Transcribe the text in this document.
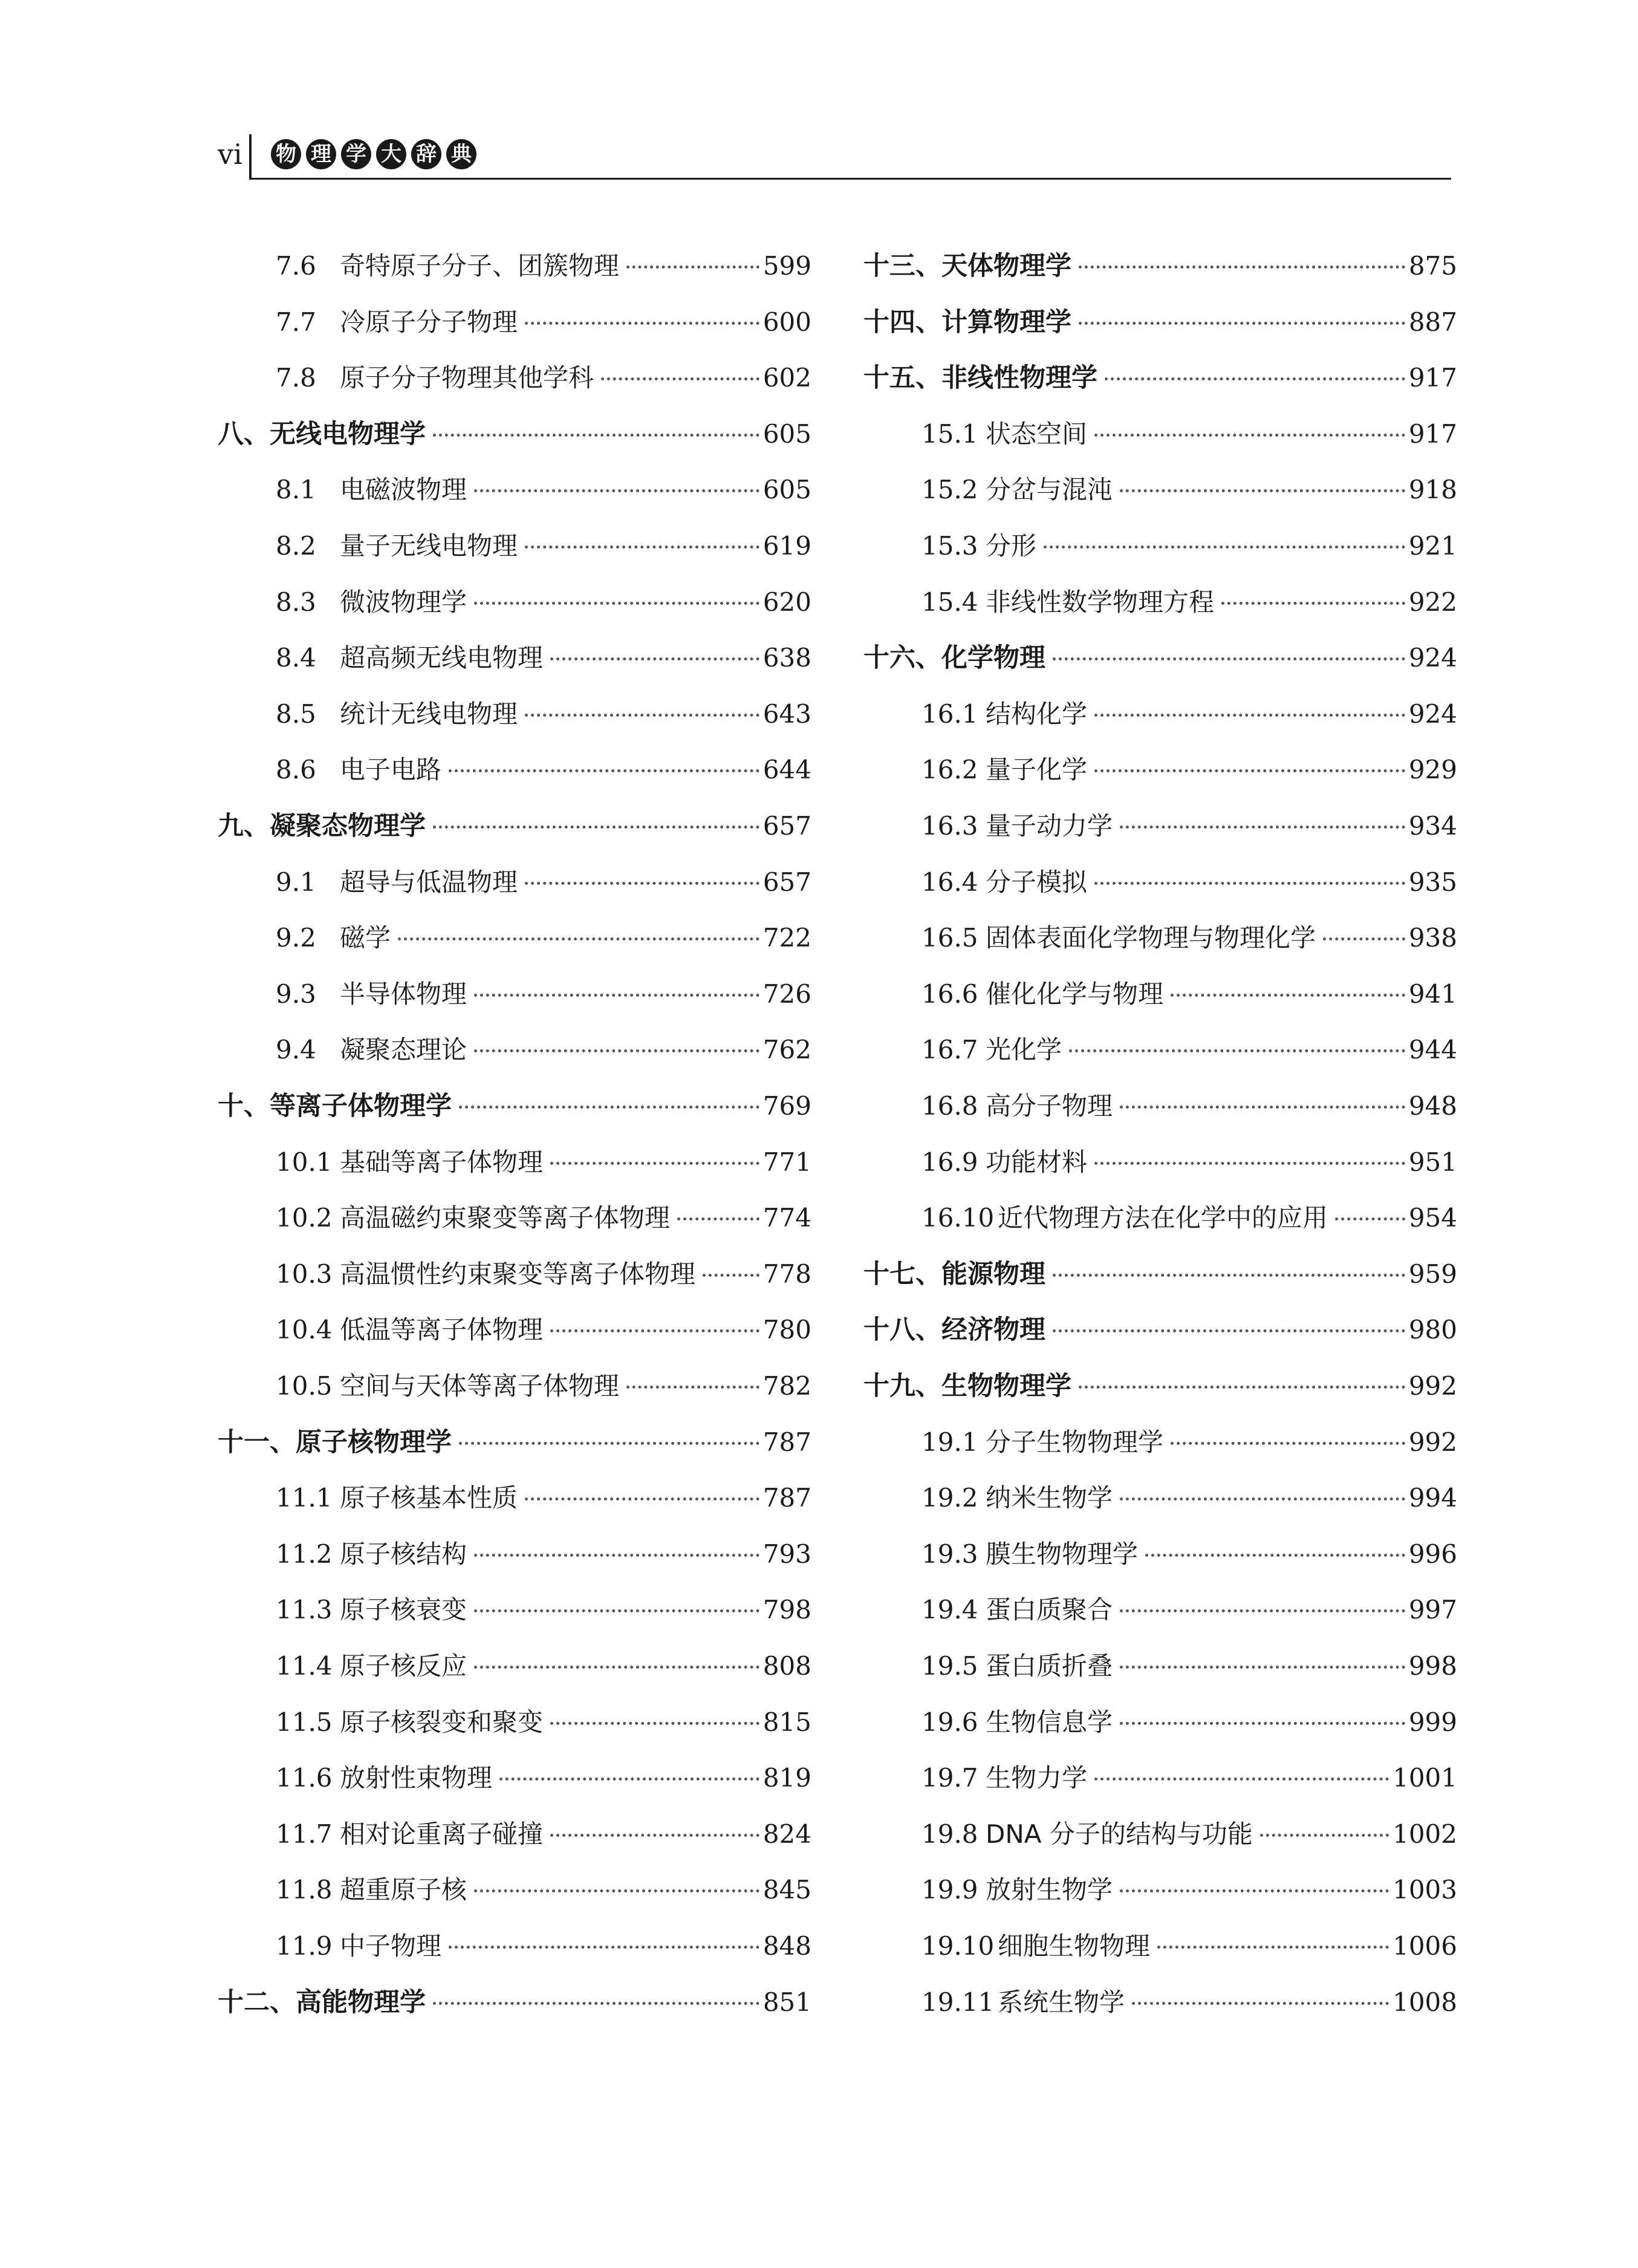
vi 物 理 学 大 辞 典
7.6 奇特原子分子、团簇物理	599
7.7 冷原子分子物理	600
7.8 原子分子物理其他学科	602
八、无线电物理学	605
8.1 电磁波物理	605
8.2 量子无线电物理	619
8.3 微波物理学	620
8.4 超高频无线电物理	638
8.5 统计无线电物理	643
8.6 电子电路	644
九、凝聚态物理学	657
9.1 超导与低温物理	657
9.2 磁学	722
9.3 半导体物理	726
9.4 凝聚态理论	762
十、等离子体物理学	769
10.1 基础等离子体物理	771
10.2 高温磁约束聚变等离子体物理	774
10.3 高温惯性约束聚变等离子体物理	778
10.4 低温等离子体物理	780
10.5 空间与天体等离子体物理	782
十一、原子核物理学	787
11.1 原子核基本性质	787
11.2 原子核结构	793
11.3 原子核衰变	798
11.4 原子核反应	808
11.5 原子核裂变和聚变	815
11.6 放射性束物理	819
11.7 相对论重离子碰撞	824
11.8 超重原子核	845
11.9 中子物理	848
十二、高能物理学	851
十三、天体物理学	875
十四、计算物理学	887
十五、非线性物理学	917
15.1 状态空间	917
15.2 分岔与混沌	918
15.3 分形	921
15.4 非线性数学物理方程	922
十六、化学物理	924
16.1 结构化学	924
16.2 量子化学	929
16.3 量子动力学	934
16.4 分子模拟	935
16.5 固体表面化学物理与物理化学	938
16.6 催化化学与物理	941
16.7 光化学	944
16.8 高分子物理	948
16.9 功能材料	951
16.10 近代物理方法在化学中的应用	954
十七、能源物理	959
十八、经济物理	980
十九、生物物理学	992
19.1 分子生物物理学	992
19.2 纳米生物学	994
19.3 膜生物物理学	996
19.4 蛋白质聚合	997
19.5 蛋白质折叠	998
19.6 生物信息学	999
19.7 生物力学	1001
19.8 DNA 分子的结构与功能	1002
19.9 放射生物学	1003
19.10 细胞生物物理	1006
19.11 系统生物学	1008
